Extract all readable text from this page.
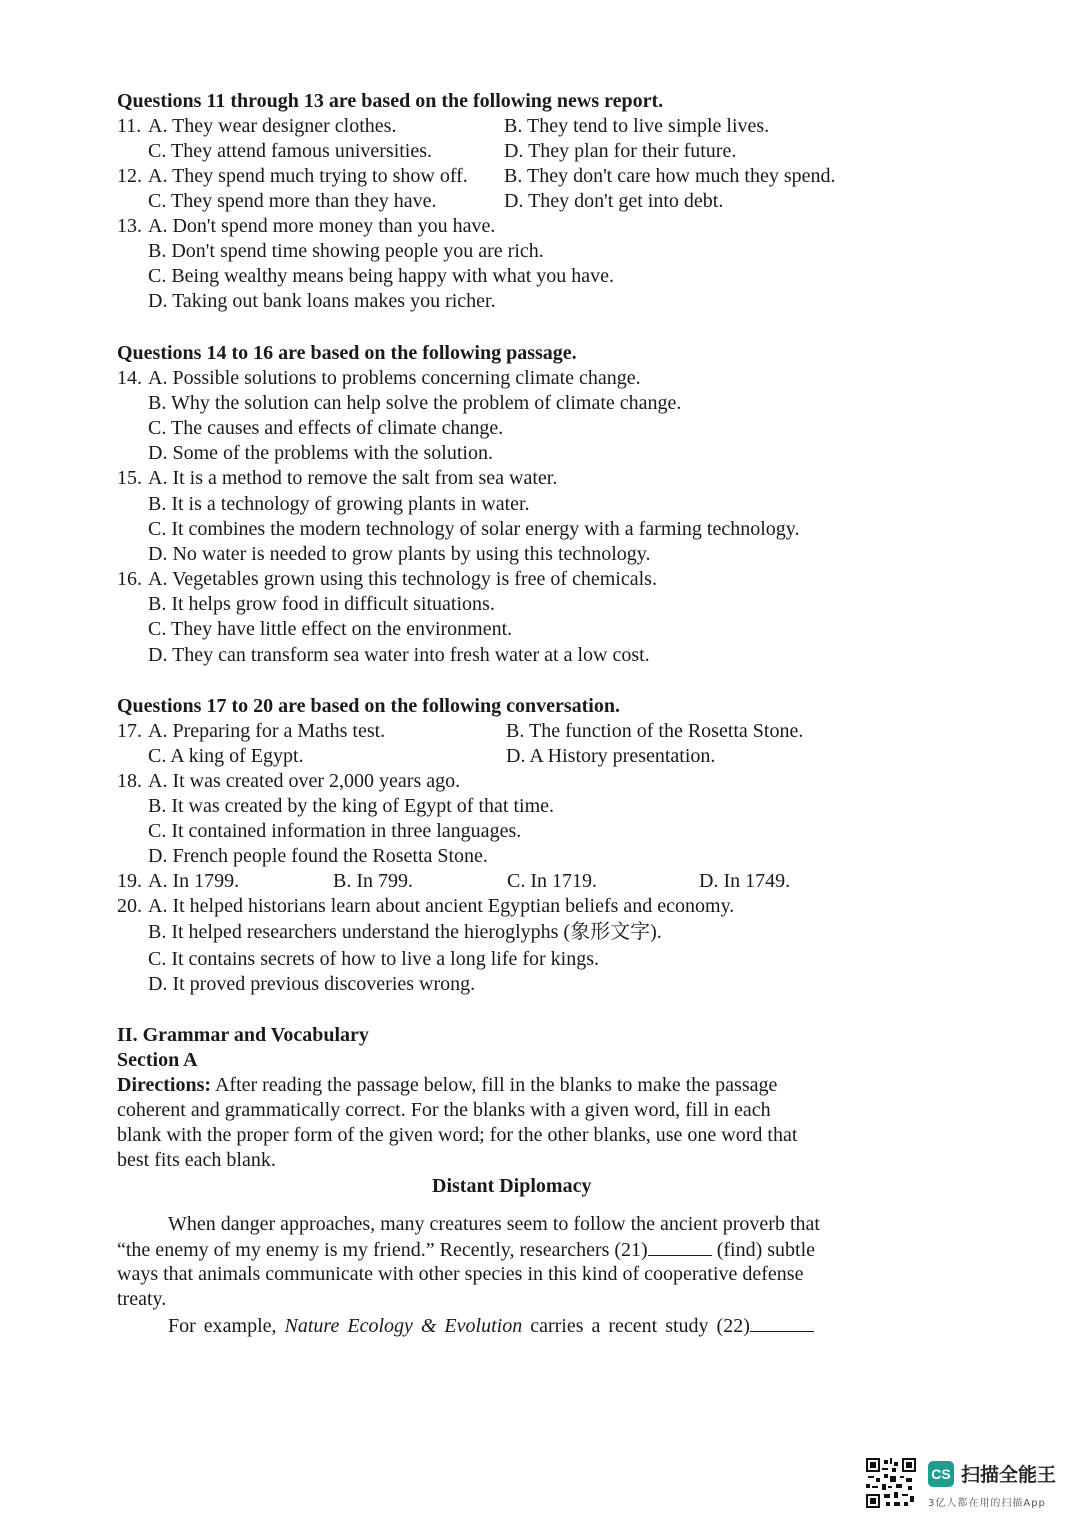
Questions 11 through 13 are based on the following news report.
11. A. They wear designer clothes.	B. They tend to live simple lives.
C. They attend famous universities.	D. They plan for their future.
12. A. They spend much trying to show off. B. They don't care how much they spend.
C. They spend more than they have.	D. They don't get into debt.
13. A. Don't spend more money than you have.
B. Don't spend time showing people you are rich.
C. Being wealthy means being happy with what you have.
D. Taking out bank loans makes you richer.
Questions 14 to 16 are based on the following passage.
14. A. Possible solutions to problems concerning climate change.
B. Why the solution can help solve the problem of climate change.
C. The causes and effects of climate change.
D. Some of the problems with the solution.
15. A. It is a method to remove the salt from sea water.
B. It is a technology of growing plants in water.
C. It combines the modern technology of solar energy with a farming technology.
D. No water is needed to grow plants by using this technology.
16. A. Vegetables grown using this technology is free of chemicals.
B. It helps grow food in difficult situations.
C. They have little effect on the environment.
D. They can transform sea water into fresh water at a low cost.
Questions 17 to 20 are based on the following conversation.
17. A. Preparing for a Maths test.	B. The function of the Rosetta Stone.
C. A king of Egypt.	D. A History presentation.
18. A. It was created over 2,000 years ago.
B. It was created by the king of Egypt of that time.
C. It contained information in three languages.
D. French people found the Rosetta Stone.
19. A. In 1799.	B. In 799.	C. In 1719.	D. In 1749.
20. A. It helped historians learn about ancient Egyptian beliefs and economy.
B. It helped researchers understand the hieroglyphs (象形文字).
C. It contains secrets of how to live a long life for kings.
D. It proved previous discoveries wrong.
II. Grammar and Vocabulary
Section A
Directions: After reading the passage below, fill in the blanks to make the passage
coherent and grammatically correct. For the blanks with a given word, fill in each
blank with the proper form of the given word; for the other blanks, use one word that
best fits each blank.
Distant Diplomacy
When danger approaches, many creatures seem to follow the ancient proverb that
“the enemy of my enemy is my friend.” Recently, researchers (21)	(find) subtle
ways that animals communicate with other species in this kind of cooperative defense
treaty.
For example, Nature Ecology & Evolution carries a recent study (22)
CS 扫描全能王
3亿人都在用的扫描App
